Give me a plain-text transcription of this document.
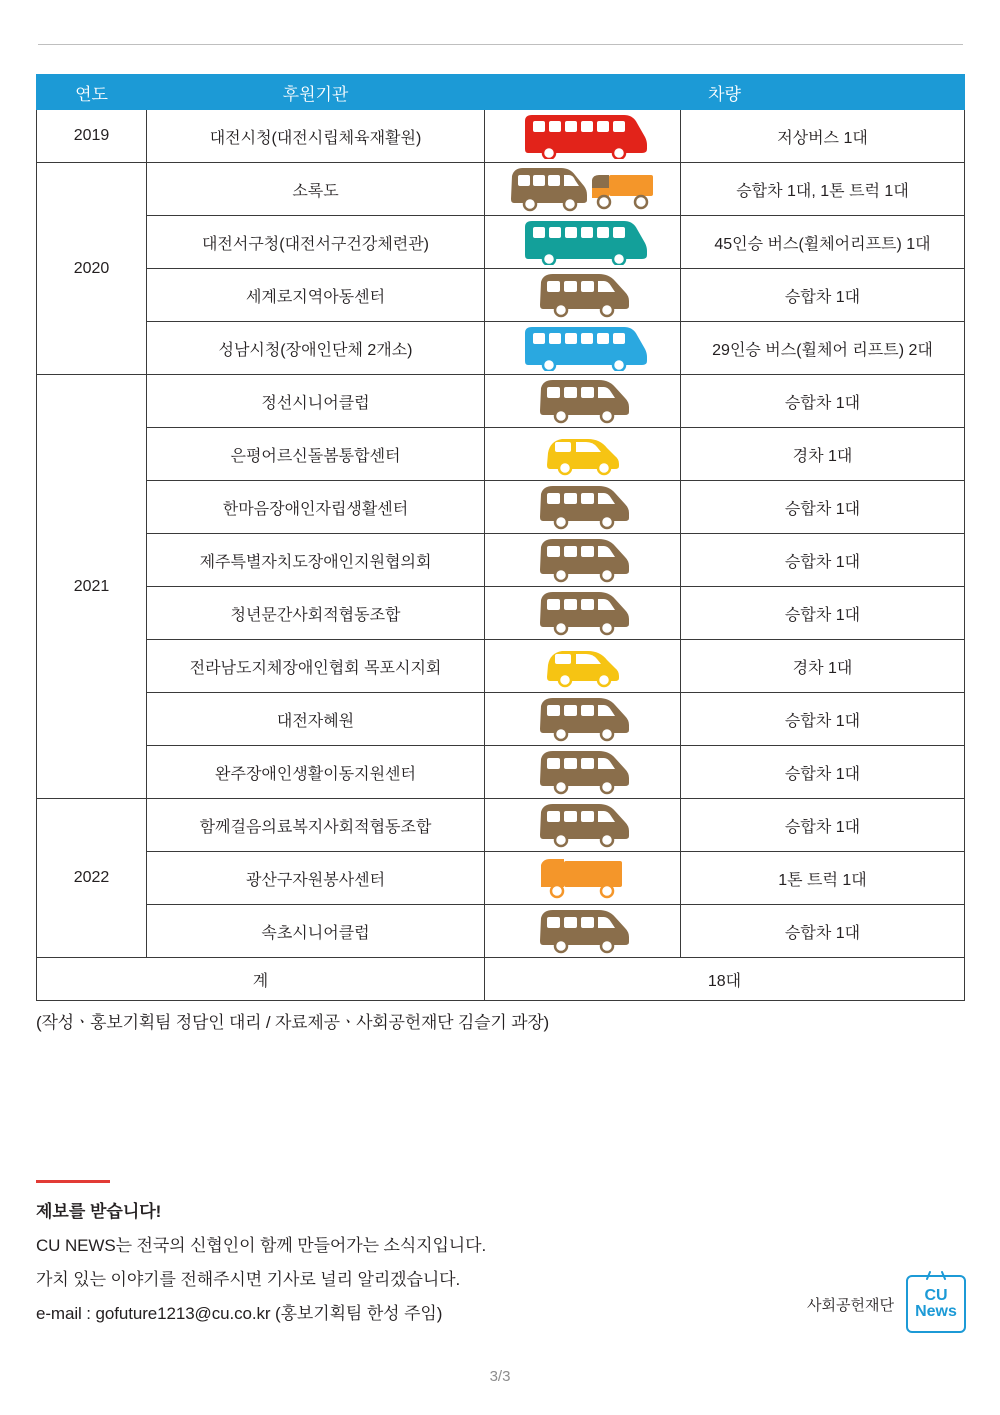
연도	후원기관	차량	
2019	대전시청(대전시립체육재활원)		저상버스 1대
2020	소록도		승합차 1대, 1톤 트럭 1대
	대전서구청(대전서구건강체련관)		45인승 버스(휠체어리프트) 1대
	세계로지역아동센터		승합차 1대
	성남시청(장애인단체 2개소)		29인승 버스(휠체어 리프트) 2대
2021	정선시니어클럽		승합차 1대
	은평어르신돌봄통합센터		경차 1대
	한마음장애인자립생활센터		승합차 1대
	제주특별자치도장애인지원협의회		승합차 1대
	청년문간사회적협동조합		승합차 1대
	전라남도지체장애인협회 목포시지회		경차 1대
	대전자혜원		승합차 1대
	완주장애인생활이동지원센터		승합차 1대
2022	함께걸음의료복지사회적협동조합		승합차 1대
	광산구자원봉사센터		1톤 트럭 1대
	속초시니어클럽		승합차 1대
계		18대	
(작성ㆍ홍보기획팀 정담인 대리 / 자료제공ㆍ사회공헌재단 김슬기 과장)
제보를 받습니다!
CU NEWS는 전국의 신협인이 함께 만들어가는 소식지입니다.
가치 있는 이야기를 전해주시면 기사로 널리 알리겠습니다.
e-mail : gofuture1213@cu.co.kr (홍보기획팀 한성 주임)	사회공헌재단
CU
News
3/3
